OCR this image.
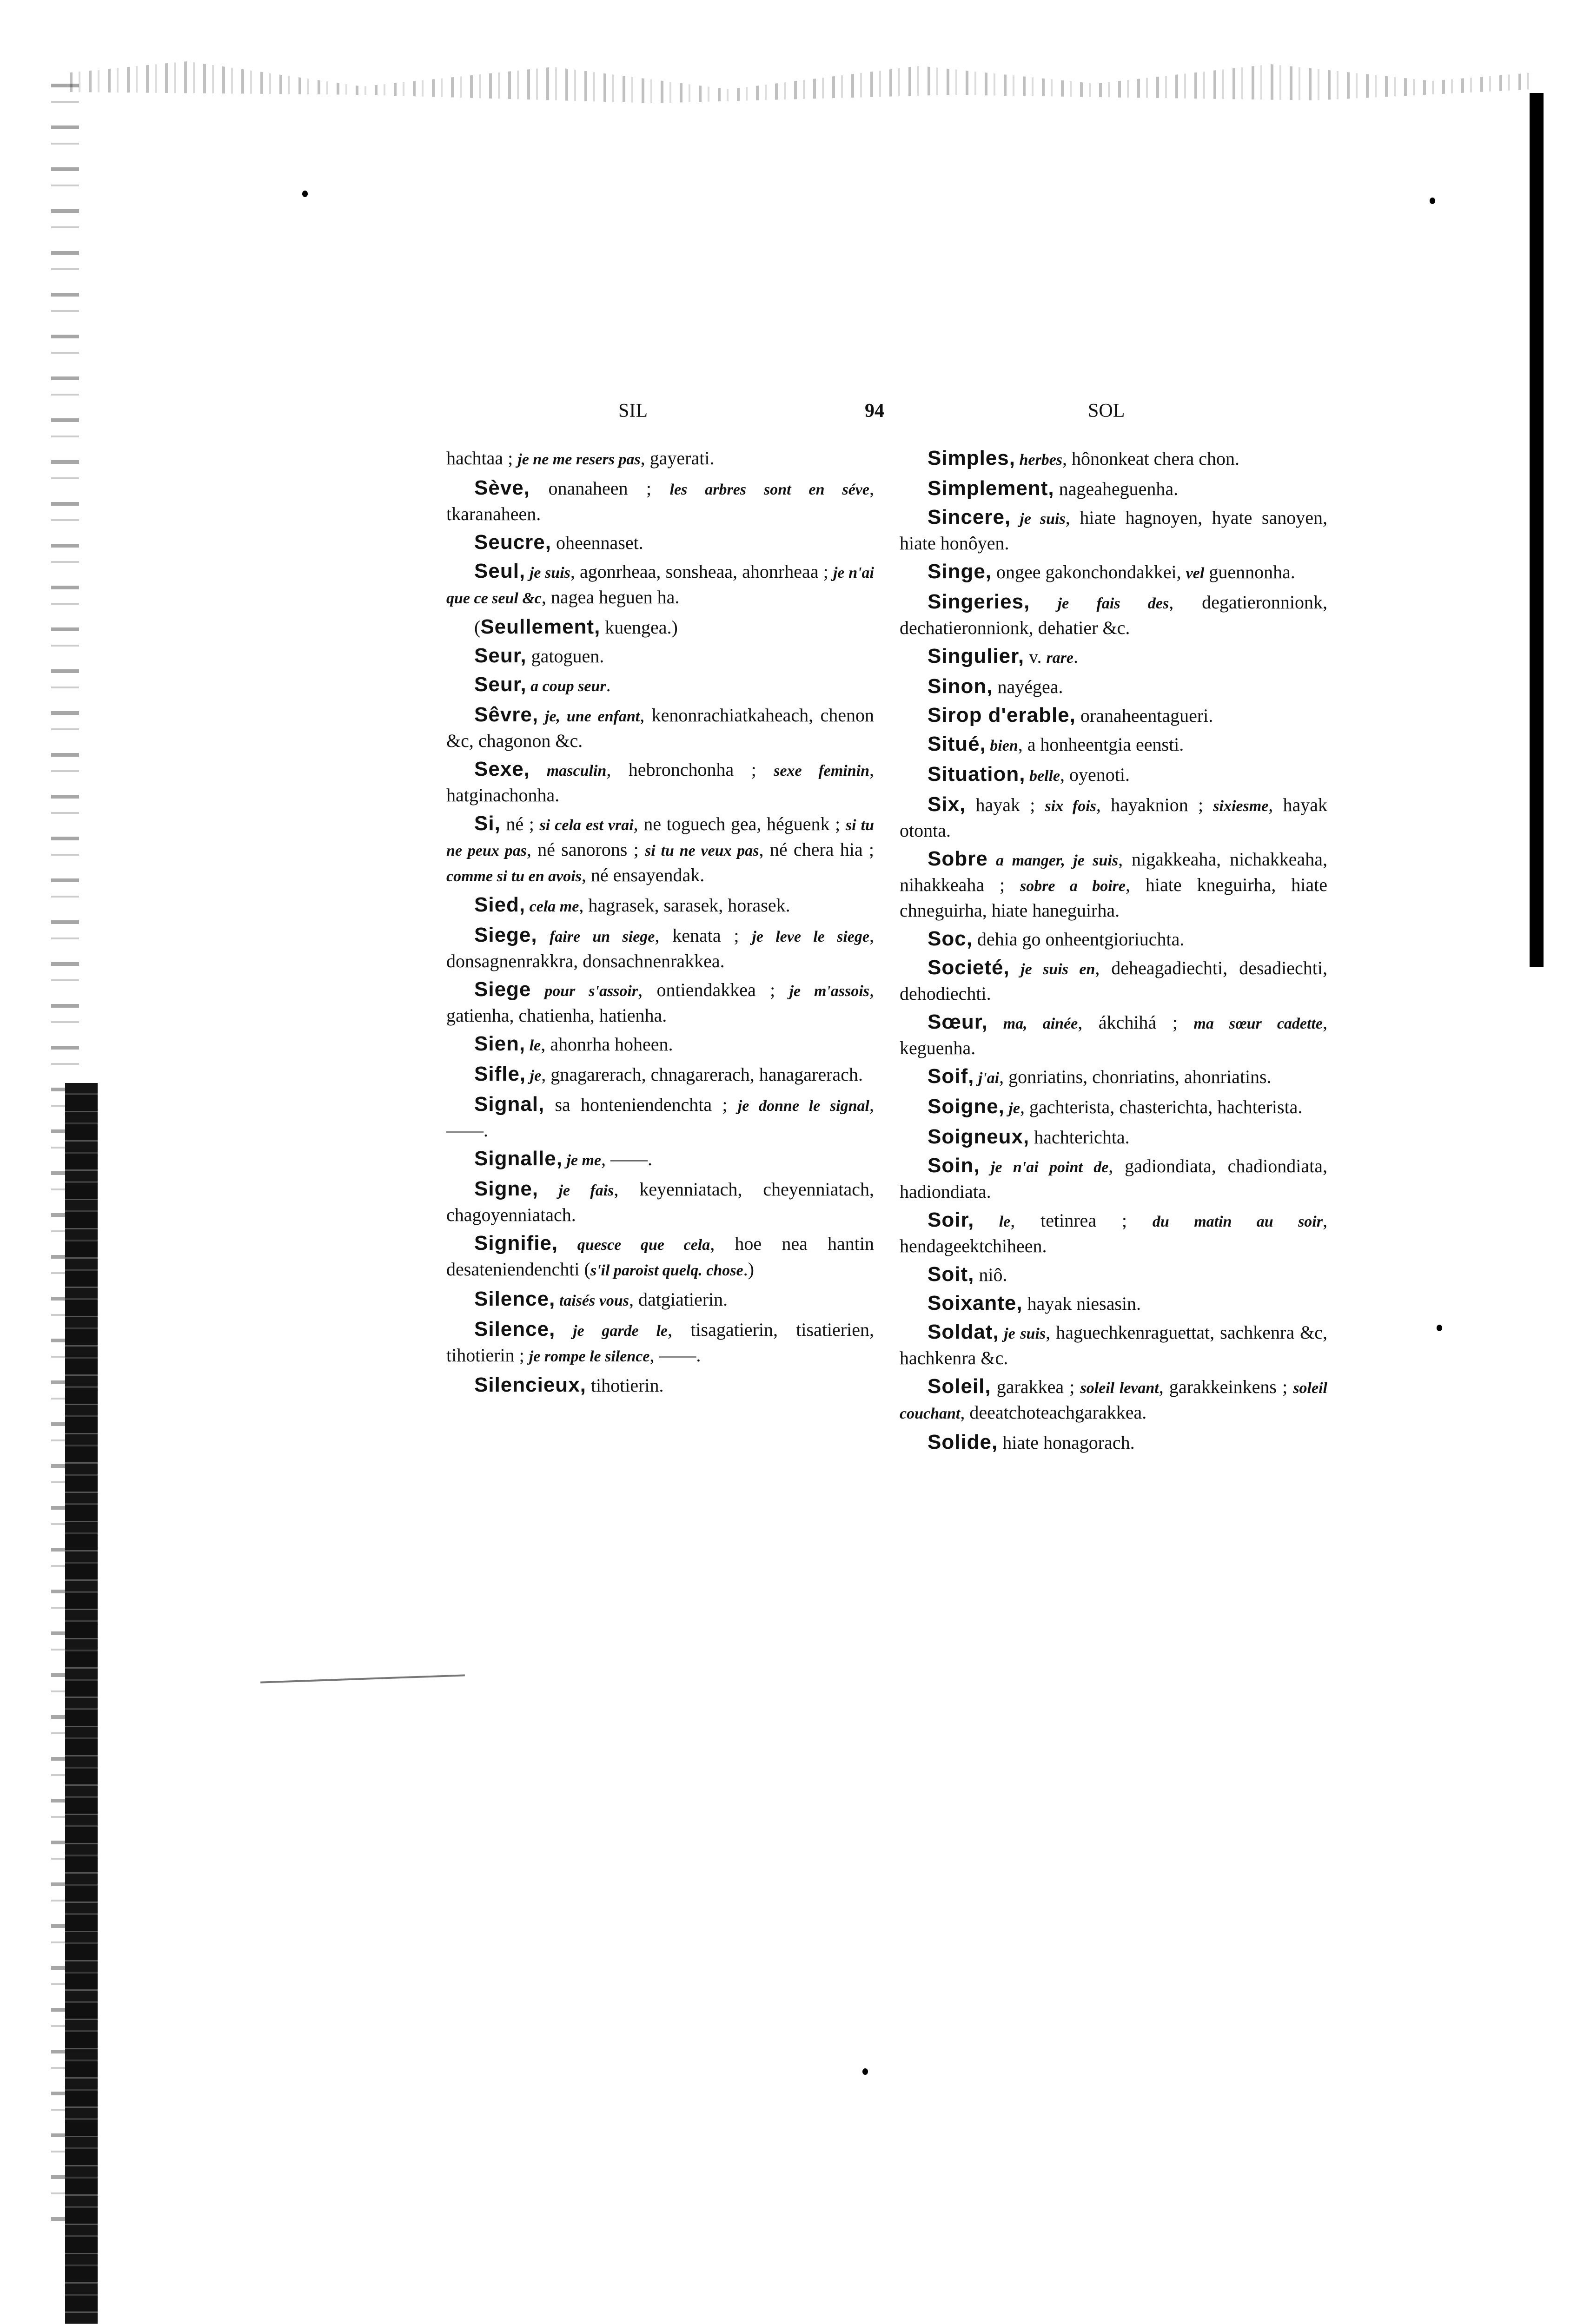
SIL	94	SOL

hachtaa ; je ne me resers pas, gayerati.

Sève, onanaheen ; les arbres sont en séve, tkaranaheen.

Seucre, oheennaset.

Seul, je suis, agonrheaa, sonsheaa, ahonrheaa ; je n'ai que ce seul &c, nagea heguen ha.

(Seullement, kuengea.)

Seur, gatoguen.

Seur, a coup seur.

Sêvre, je, une enfant, kenonrachiatkaheach, chenon &c, chagonon &c.

Sexe, masculin, hebronchonha ; sexe feminin, hatginachonha.

Si, né ; si cela est vrai, ne toguech gea, héguenk ; si tu ne peux pas, né sanorons ; si tu ne veux pas, né chera hia ; comme si tu en avois, né ensayendak.

Sied, cela me, hagrasek, sarasek, horasek.

Siege, faire un siege, kenata ; je leve le siege, donsagnenrakkra, donsachnenrakkea.

Siege pour s'assoir, ontiendakkea ; je m'assois, gatienha, chatienha, hatienha.

Sien, le, ahonrha hoheen.

Sifle, je, gnagarerach, chnagarerach, hanagarerach.

Signal, sa honteniendenchta ; je donne le signal, ——.

Signalle, je me, ——.

Signe, je fais, keyenniatach, cheyenniatach, chagoyenniatach.

Signifie, quesce que cela, hoe nea hantin desateniendenchti (s'il paroist quelq. chose.)

Silence, taisés vous, datgiatierin.

Silence, je garde le, tisagatierin, tisatierien, tihotierin ; je rompe le silence, ——.

Silencieux, tihotierin.

Simples, herbes, hônonkeat chera chon.

Simplement, nageaheguenha.

Sincere, je suis, hiate hagnoyen, hyate sanoyen, hiate honôyen.

Singe, ongee gakonchondakkei, vel guennonha.

Singeries, je fais des, degatieronnionk, dechatieronnionk, dehatier &c.

Singulier, v. rare.

Sinon, nayégea.

Sirop d'erable, oranaheentagueri.

Situé, bien, a honheentgia eensti.

Situation, belle, oyenoti.

Six, hayak ; six fois, hayaknion ; sixiesme, hayak otonta.

Sobre a manger, je suis, nigakkeaha, nichakkeaha, nihakkeaha ; sobre a boire, hiate kneguirha, hiate chneguirha, hiate haneguirha.

Soc, dehia go onheentgioriuchta.

Societé, je suis en, deheagadiechti, desadiechti, dehodiechti.

Sœur, ma, ainée, ákchihá ; ma sœur cadette, keguenha.

Soif, j'ai, gonriatins, chonriatins, ahonriatins.

Soigne, je, gachterista, chasterichta, hachterista.

Soigneux, hachterichta.

Soin, je n'ai point de, gadiondiata, chadiondiata, hadiondiata.

Soir, le, tetinrea ; du matin au soir, hendageektchiheen.

Soit, niô.

Soixante, hayak niesasin.

Soldat, je suis, haguechkenraguettat, sachkenra &c, hachkenra &c.

Soleil, garakkea ; soleil levant, garakkeinkens ; soleil couchant, deeatchoteachgarakkea.

Solide, hiate honagorach.
